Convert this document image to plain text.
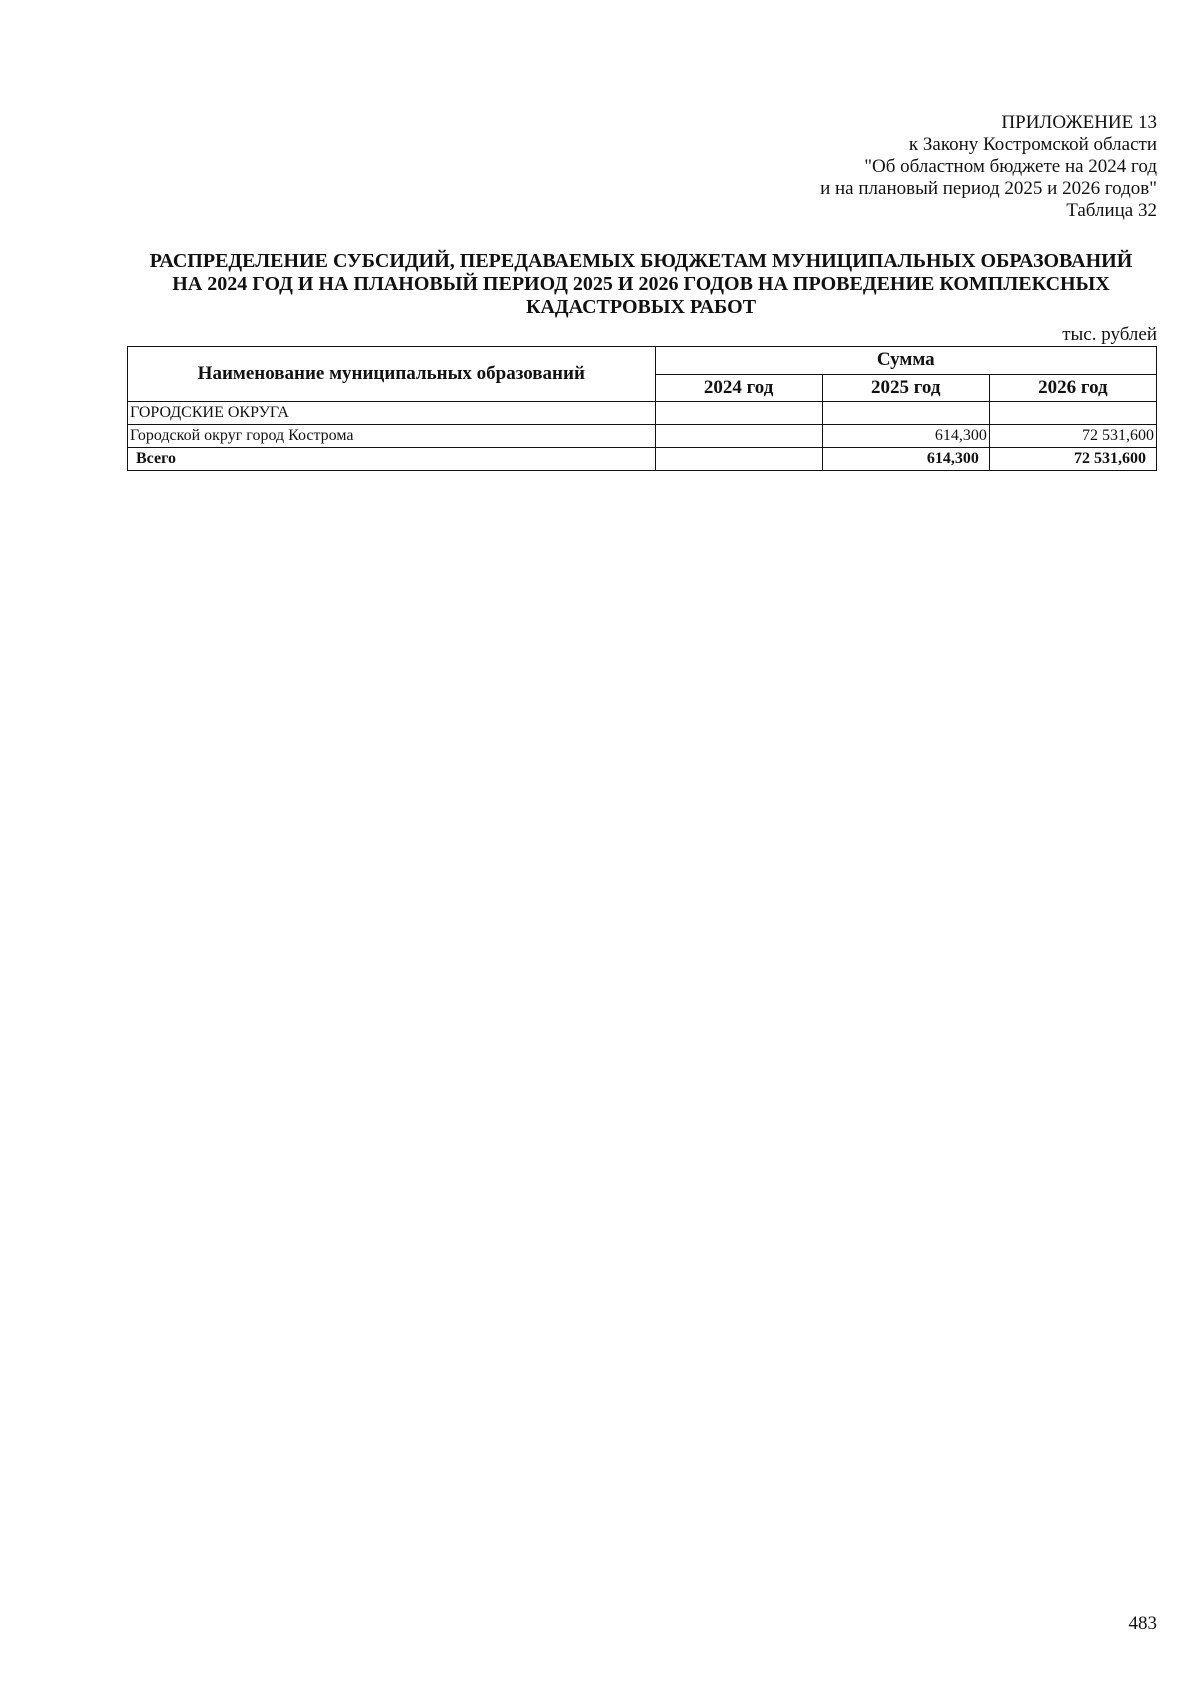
ПРИЛОЖЕНИЕ 13
к Закону Костромской области
"Об областном бюджете на 2024 год
и на плановый период 2025 и 2026 годов"
Таблица 32
РАСПРЕДЕЛЕНИЕ СУБСИДИЙ, ПЕРЕДАВАЕМЫХ БЮДЖЕТАМ МУНИЦИПАЛЬНЫХ ОБРАЗОВАНИЙ
НА 2024 ГОД И НА ПЛАНОВЫЙ ПЕРИОД 2025 И 2026 ГОДОВ НА ПРОВЕДЕНИЕ КОМПЛЕКСНЫХ
КАДАСТРОВЫХ РАБОТ
тыс. рублей
Наименование муниципальных образований	Сумма		
	2024 год	2025 год	2026 год
ГОРОДСКИЕ ОКРУГА			
Городской округ город Кострома		614,300	72 531,600
Всего		614,300	72 531,600
483
